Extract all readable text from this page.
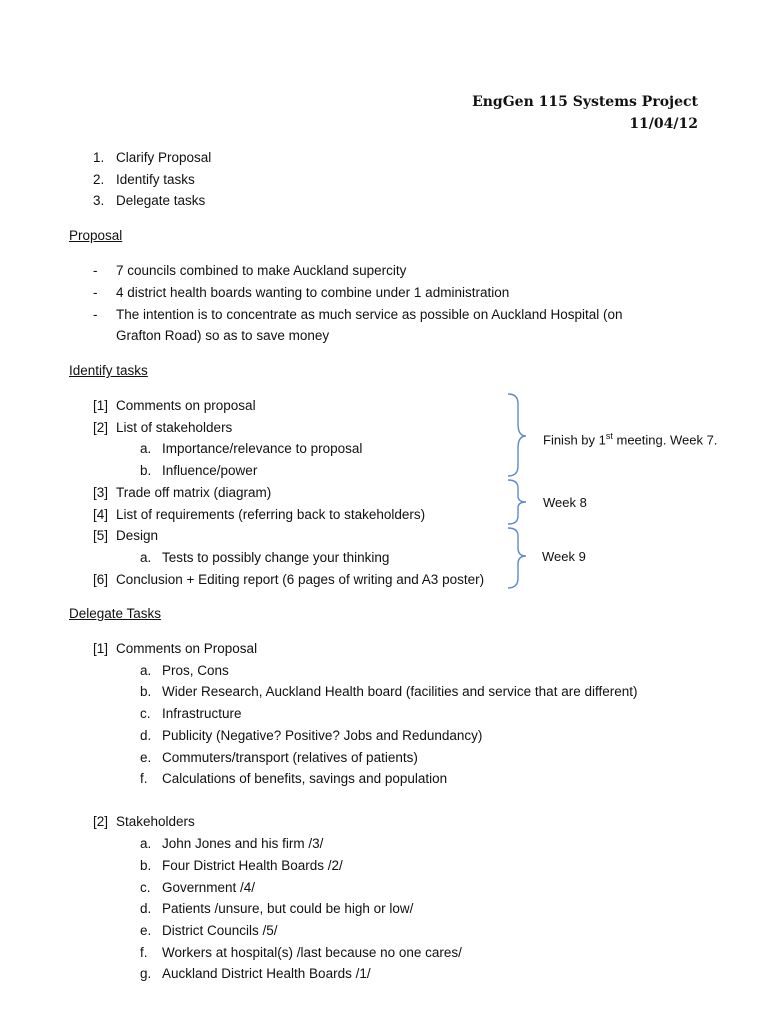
EngGen 115 Systems Project
11/04/12
1. Clarify Proposal
2. Identify tasks
3. Delegate tasks
Proposal
- 7 councils combined to make Auckland supercity
- 4 district health boards wanting to combine under 1 administration
- The intention is to concentrate as much service as possible on Auckland Hospital (on
Grafton Road) so as to save money
Identify tasks
[1] Comments on proposal
[2] List of stakeholders
a. Importance/relevance to proposal
b. Influence/power
[3] Trade off matrix (diagram)
[4] List of requirements (referring back to stakeholders)
[5] Design
a. Tests to possibly change your thinking
[6] Conclusion + Editing report (6 pages of writing and A3 poster)
Finish by 1st meeting. Week 7.
Week 8
Week 9
Delegate Tasks
[1] Comments on Proposal
a. Pros, Cons
b. Wider Research, Auckland Health board (facilities and service that are different)
c. Infrastructure
d. Publicity (Negative? Positive? Jobs and Redundancy)
e. Commuters/transport (relatives of patients)
f. Calculations of benefits, savings and population
[2] Stakeholders
a. John Jones and his firm /3/
b. Four District Health Boards /2/
c. Government /4/
d. Patients /unsure, but could be high or low/
e. District Councils /5/
f. Workers at hospital(s) /last because no one cares/
g. Auckland District Health Boards /1/
